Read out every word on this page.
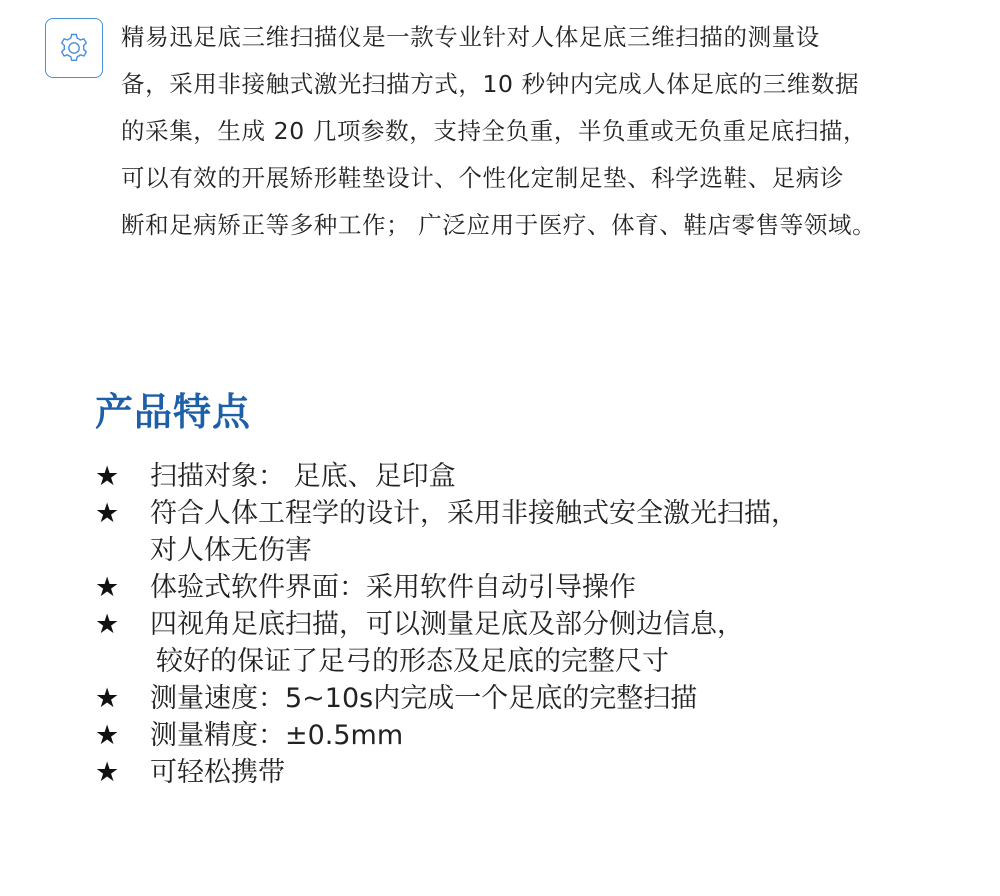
精易迅足底三维扫描仪是一款专业针对人体足底三维扫描的测量设
备，采用非接触式激光扫描方式，10 秒钟内完成人体足底的三维数据
的采集，生成 20 几项参数，支持全负重，半负重或无负重足底扫描，
可以有效的开展矫形鞋垫设计、个性化定制足垫、科学选鞋、足病诊
断和足病矫正等多种工作； 广泛应用于医疗、体育、鞋店零售等领域。

产品特点
★	扫描对象： 足底、足印盒
★	符合人体工程学的设计，采用非接触式安全激光扫描，
对人体无伤害
★	体验式软件界面：采用软件自动引导操作
★	四视角足底扫描，可以测量足底及部分侧边信息，
较好的保证了足弓的形态及足底的完整尺寸
★	测量速度：5~10s内完成一个足底的完整扫描
★	测量精度：±0.5mm
★	可轻松携带
